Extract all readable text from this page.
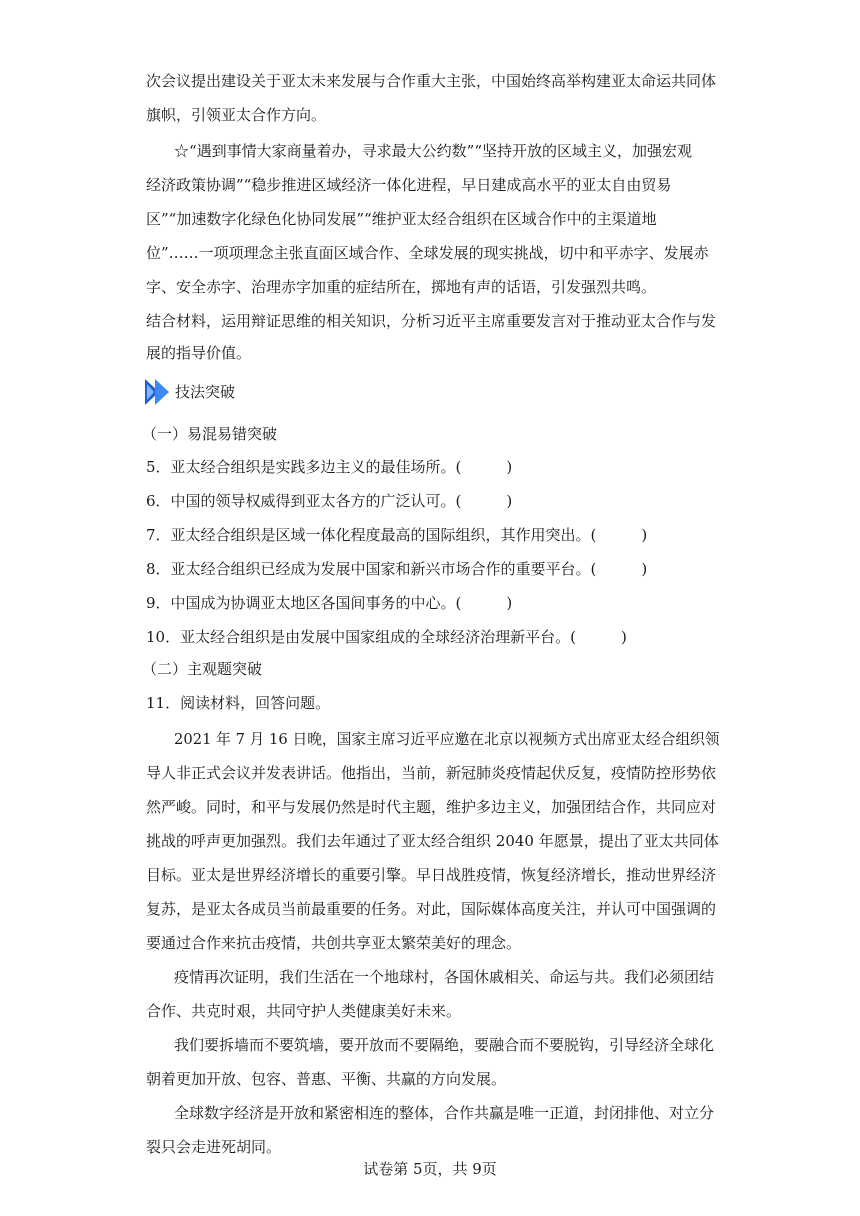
次会议提出建设关于亚太未来发展与合作重大主张，中国始终高举构建亚太命运共同体
旗帜，引领亚太合作方向。
☆“遇到事情大家商量着办，寻求最大公约数”“坚持开放的区域主义，加强宏观
经济政策协调”“稳步推进区域经济一体化进程，早日建成高水平的亚太自由贸易
区”“加速数字化绿色化协同发展”“维护亚太经合组织在区域合作中的主渠道地
位”……一项项理念主张直面区域合作、全球发展的现实挑战，切中和平赤字、发展赤
字、安全赤字、治理赤字加重的症结所在，掷地有声的话语，引发强烈共鸣。
结合材料，运用辩证思维的相关知识，分析习近平主席重要发言对于推动亚太合作与发
展的指导价值。
技法突破
（一）易混易错突破
5．亚太经合组织是实践多边主义的最佳场所。(　　　)
6．中国的领导权威得到亚太各方的广泛认可。(　　　)
7．亚太经合组织是区域一体化程度最高的国际组织，其作用突出。(　　　)
8．亚太经合组织已经成为发展中国家和新兴市场合作的重要平台。(　　　)
9．中国成为协调亚太地区各国间事务的中心。(　　　)
10．亚太经合组织是由发展中国家组成的全球经济治理新平台。(　　　)
（二）主观题突破
11．阅读材料，回答问题。
2021 年 7 月 16 日晚，国家主席习近平应邀在北京以视频方式出席亚太经合组织领
导人非正式会议并发表讲话。他指出，当前，新冠肺炎疫情起伏反复，疫情防控形势依
然严峻。同时，和平与发展仍然是时代主题，维护多边主义，加强团结合作，共同应对
挑战的呼声更加强烈。我们去年通过了亚太经合组织 2040 年愿景，提出了亚太共同体
目标。亚太是世界经济增长的重要引擎。早日战胜疫情，恢复经济增长，推动世界经济
复苏，是亚太各成员当前最重要的任务。对此，国际媒体高度关注，并认可中国强调的
要通过合作来抗击疫情，共创共享亚太繁荣美好的理念。
疫情再次证明，我们生活在一个地球村，各国休戚相关、命运与共。我们必须团结
合作、共克时艰，共同守护人类健康美好未来。
我们要拆墙而不要筑墙，要开放而不要隔绝，要融合而不要脱钩，引导经济全球化
朝着更加开放、包容、普惠、平衡、共赢的方向发展。
全球数字经济是开放和紧密相连的整体，合作共赢是唯一正道，封闭排他、对立分
裂只会走进死胡同。
试卷第 5页，共 9页
